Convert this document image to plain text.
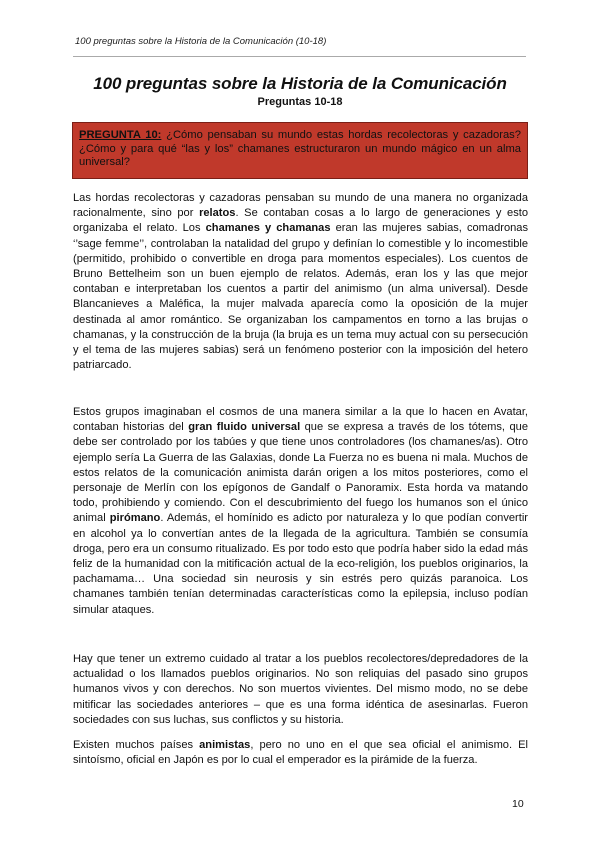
100 preguntas sobre la Historia de la Comunicación (10-18)
100 preguntas sobre la Historia de la Comunicación
Preguntas 10-18
PREGUNTA 10: ¿Cómo pensaban su mundo estas hordas recolectoras y cazadoras? ¿Cómo y para qué “las y los” chamanes estructuraron un mundo mágico en un alma universal?

Las hordas recolectoras y cazadoras pensaban su mundo de una manera no organizada racionalmente, sino por relatos. Se contaban cosas a lo largo de generaciones y esto organizaba el relato. Los chamanes y chamanas eran las mujeres sabias, comadronas ‘’sage femme’’, controlaban la natalidad del grupo y definían lo comestible y lo incomestible (permitido, prohibido o convertible en droga para momentos especiales). Los cuentos de Bruno Bettelheim son un buen ejemplo de relatos. Además, eran los y las que mejor contaban e interpretaban los cuentos a partir del animismo (un alma universal). Desde Blancanieves a Maléfica, la mujer malvada aparecía como la oposición de la mujer destinada al amor romántico. Se organizaban los campamentos en torno a las brujas o chamanas, y la construcción de la bruja (la bruja es un tema muy actual con su persecución y el tema de las mujeres sabias) será un fenómeno posterior con la imposición del hetero patriarcado.

Estos grupos imaginaban el cosmos de una manera similar a la que lo hacen en Avatar, contaban historias del gran fluido universal que se expresa a través de los tótems, que debe ser controlado por los tabúes y que tiene unos controladores (los chamanes/as). Otro ejemplo sería La Guerra de las Galaxias, donde La Fuerza no es buena ni mala. Muchos de estos relatos de la comunicación animista darán origen a los mitos posteriores, como el personaje de Merlín con los epígonos de Gandalf o Panoramix. Esta horda va matando todo, prohibiendo y comiendo. Con el descubrimiento del fuego los humanos son el único animal pirómano. Además, el homínido es adicto por naturaleza y lo que podían convertir en alcohol ya lo convertían antes de la llegada de la agricultura. También se consumía droga, pero era un consumo ritualizado. Es por todo esto que podría haber sido la edad más feliz de la humanidad con la mitificación actual de la eco-religión, los pueblos originarios, la pachamama… Una sociedad sin neurosis y sin estrés pero quizás paranoica. Los chamanes también tenían determinadas características como la epilepsia, incluso podían simular ataques.

Hay que tener un extremo cuidado al tratar a los pueblos recolectores/depredadores de la actualidad o los llamados pueblos originarios. No son reliquias del pasado sino grupos humanos vivos y con derechos. No son muertos vivientes. Del mismo modo, no se debe mitificar las sociedades anteriores – que es una forma idéntica de asesinarlas. Fueron sociedades con sus luchas, sus conflictos y su historia.

Existen muchos países animistas, pero no uno en el que sea oficial el animismo. El sintoísmo, oficial en Japón es por lo cual el emperador es la pirámide de la fuerza.

10
